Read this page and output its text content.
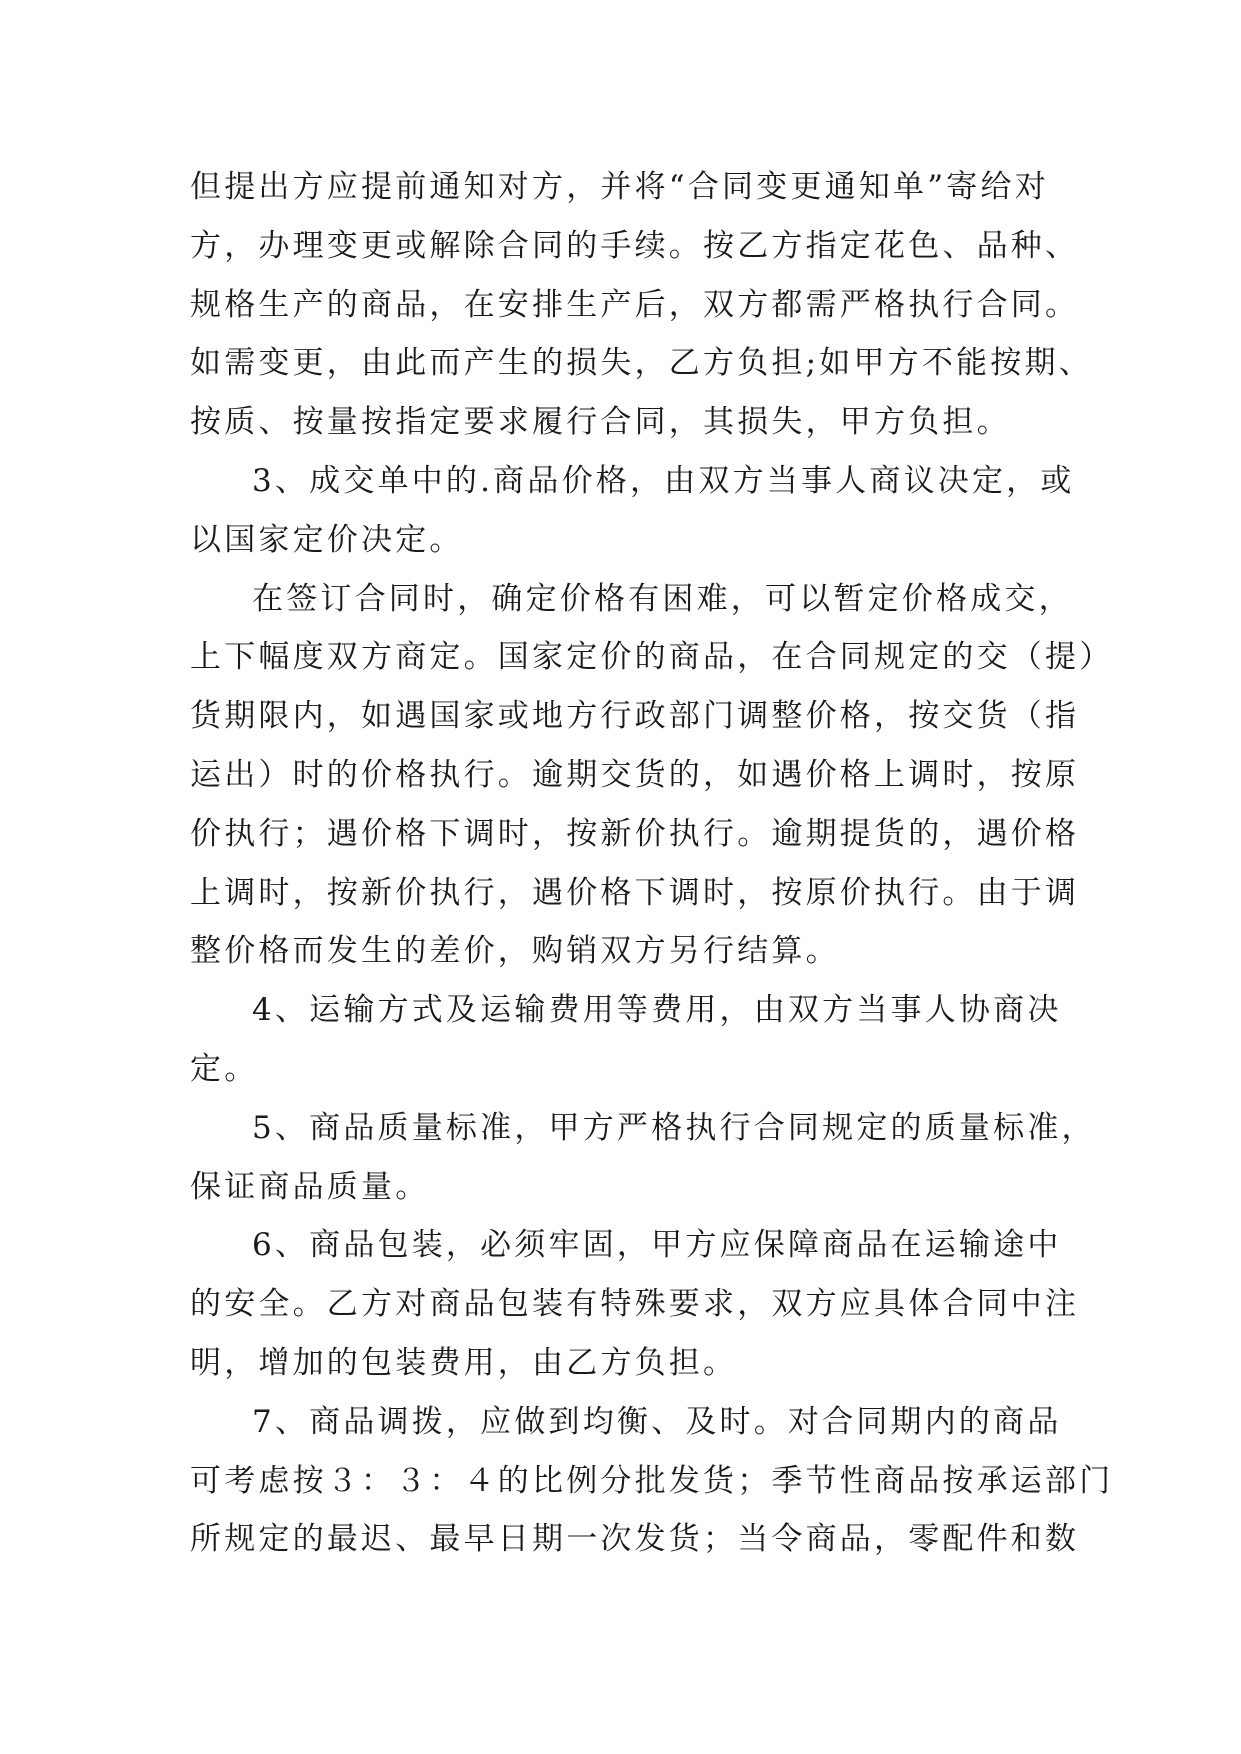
但提出方应提前通知对方，并将“合同变更通知单”寄给对
方，办理变更或解除合同的手续。按乙方指定花色、品种、
规格生产的商品，在安排生产后，双方都需严格执行合同。
如需变更，由此而产生的损失，乙方负担;如甲方不能按期、
按质、按量按指定要求履行合同，其损失，甲方负担。
3、成交单中的.商品价格，由双方当事人商议决定，或
以国家定价决定。
在签订合同时，确定价格有困难，可以暂定价格成交，
上下幅度双方商定。国家定价的商品，在合同规定的交（提）
货期限内，如遇国家或地方行政部门调整价格，按交货（指
运出）时的价格执行。逾期交货的，如遇价格上调时，按原
价执行；遇价格下调时，按新价执行。逾期提货的，遇价格
上调时，按新价执行，遇价格下调时，按原价执行。由于调
整价格而发生的差价，购销双方另行结算。
4、运输方式及运输费用等费用，由双方当事人协商决
定。
5、商品质量标准，甲方严格执行合同规定的质量标准，
保证商品质量。
6、商品包装，必须牢固，甲方应保障商品在运输途中
的安全。乙方对商品包装有特殊要求，双方应具体合同中注
明，增加的包装费用，由乙方负担。
7、商品调拨，应做到均衡、及时。对合同期内的商品
可考虑按３：３：４的比例分批发货；季节性商品按承运部门
所规定的最迟、最早日期一次发货；当令商品，零配件和数
